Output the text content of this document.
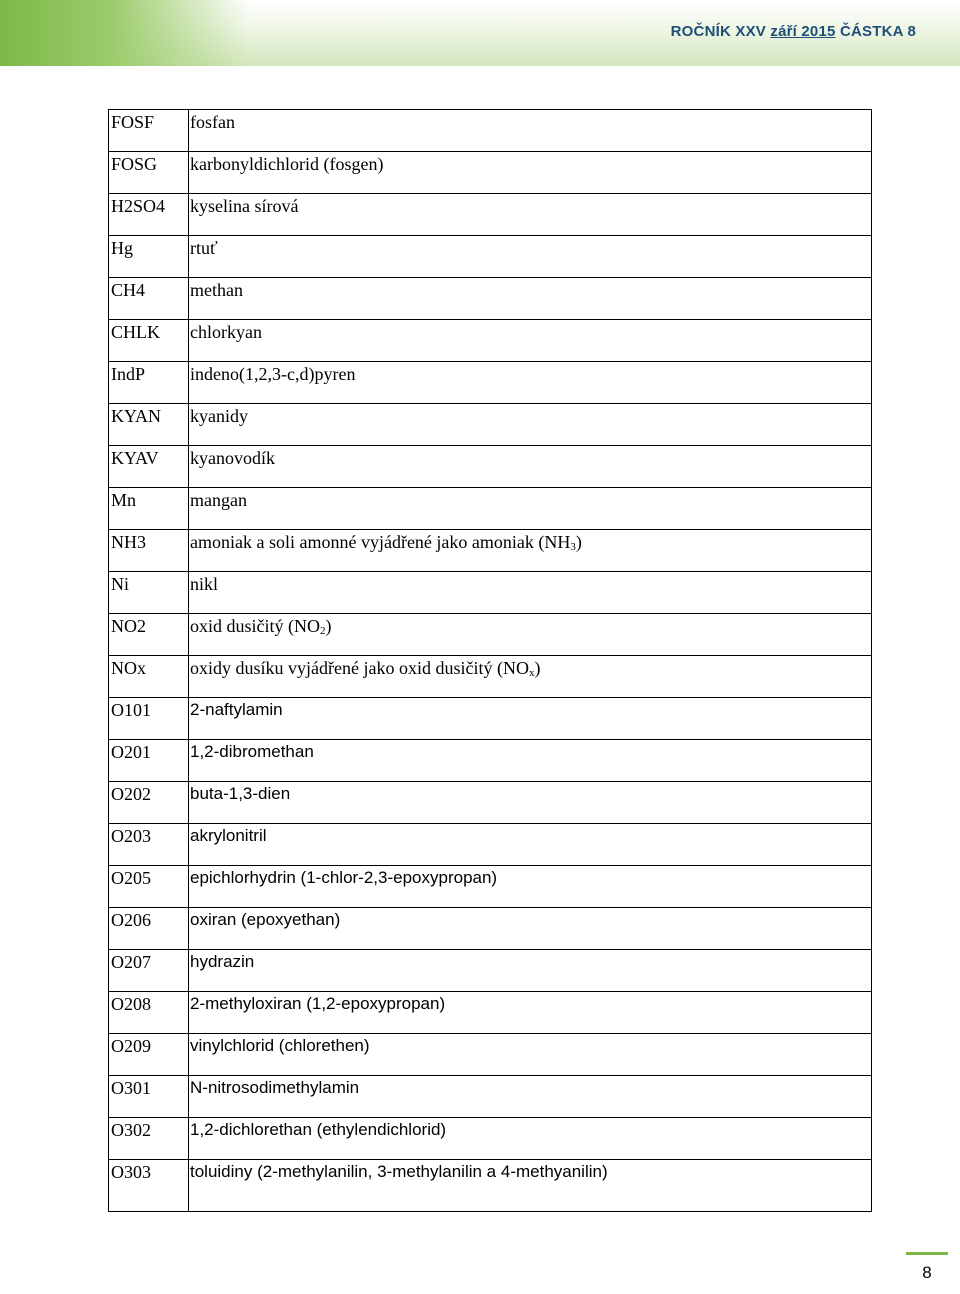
ROČNÍK XXV září 2015 ČÁSTKA 8
FOSF	fosfan
FOSG	karbonyldichlorid (fosgen)
H2SO4	kyselina sírová
Hg	rtuť
CH4	methan
CHLK	chlorkyan
IndP	indeno(1,2,3-c,d)pyren
KYAN	kyanidy
KYAV	kyanovodík
Mn	mangan
NH3	amoniak a soli amonné vyjádřené jako amoniak $(NH_3)$
Ni	nikl
NO2	oxid dusičitý $(NO_2)$
NOx	oxidy dusíku vyjádřené jako oxid dusičitý $(NO_x)$
O101	2-naftylamin
O201	1,2-dibromethan
O202	buta-1,3-dien
O203	akrylonitril
O205	epichlorhydrin (1-chlor-2,3-epoxypropan)
O206	oxiran (epoxyethan)
O207	hydrazin
O208	2-methyloxiran (1,2-epoxypropan)
O209	vinylchlorid (chlorethen)
O301	N-nitrosodimethylamin
O302	1,2-dichlorethan (ethylendichlorid)
O303	toluidiny (2-methylanilin, 3-methylanilin a 4-methyanilin)
8
